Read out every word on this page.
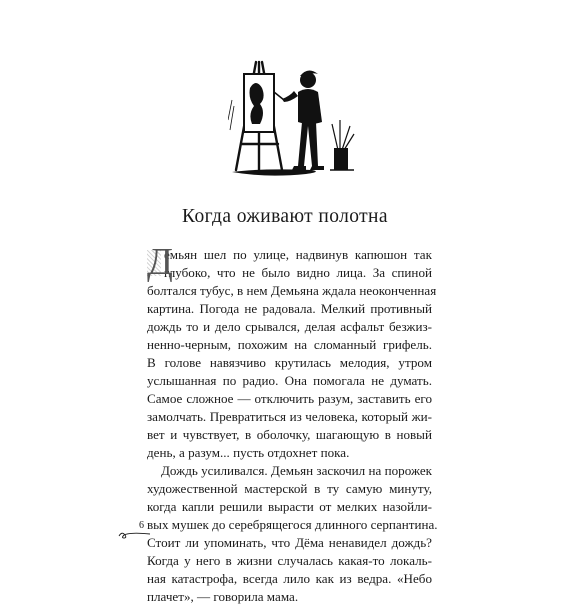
Когда оживают полотна
Д
емьян шел по улице, надвинув капюшон так
глубоко, что не было видно лица. За спиной
болтался тубус, в нем Демьяна ждала неоконченная
картина. Погода не радовала. Мелкий противный
дождь то и дело срывался, делая асфальт безжиз-
ненно-черным, похожим на сломанный грифель.
В голове навязчиво крутилась мелодия, утром
услышанная по радио. Она помогала не думать.
Самое сложное — отключить разум, заставить его
замолчать. Превратиться из человека, который жи-
вет и чувствует, в оболочку, шагающую в новый
день, а разум... пусть отдохнет пока.
Дождь усиливался. Демьян заскочил на порожек
художественной мастерской в ту самую минуту,
когда капли решили вырасти от мелких назойли-
вых мушек до серебрящегося длинного серпантина.
Стоит ли упоминать, что Дёма ненавидел дождь?
Когда у него в жизни случалась какая-то локаль-
ная катастрофа, всегда лило как из ведра. «Небо
плачет», — говорила мама.
6
